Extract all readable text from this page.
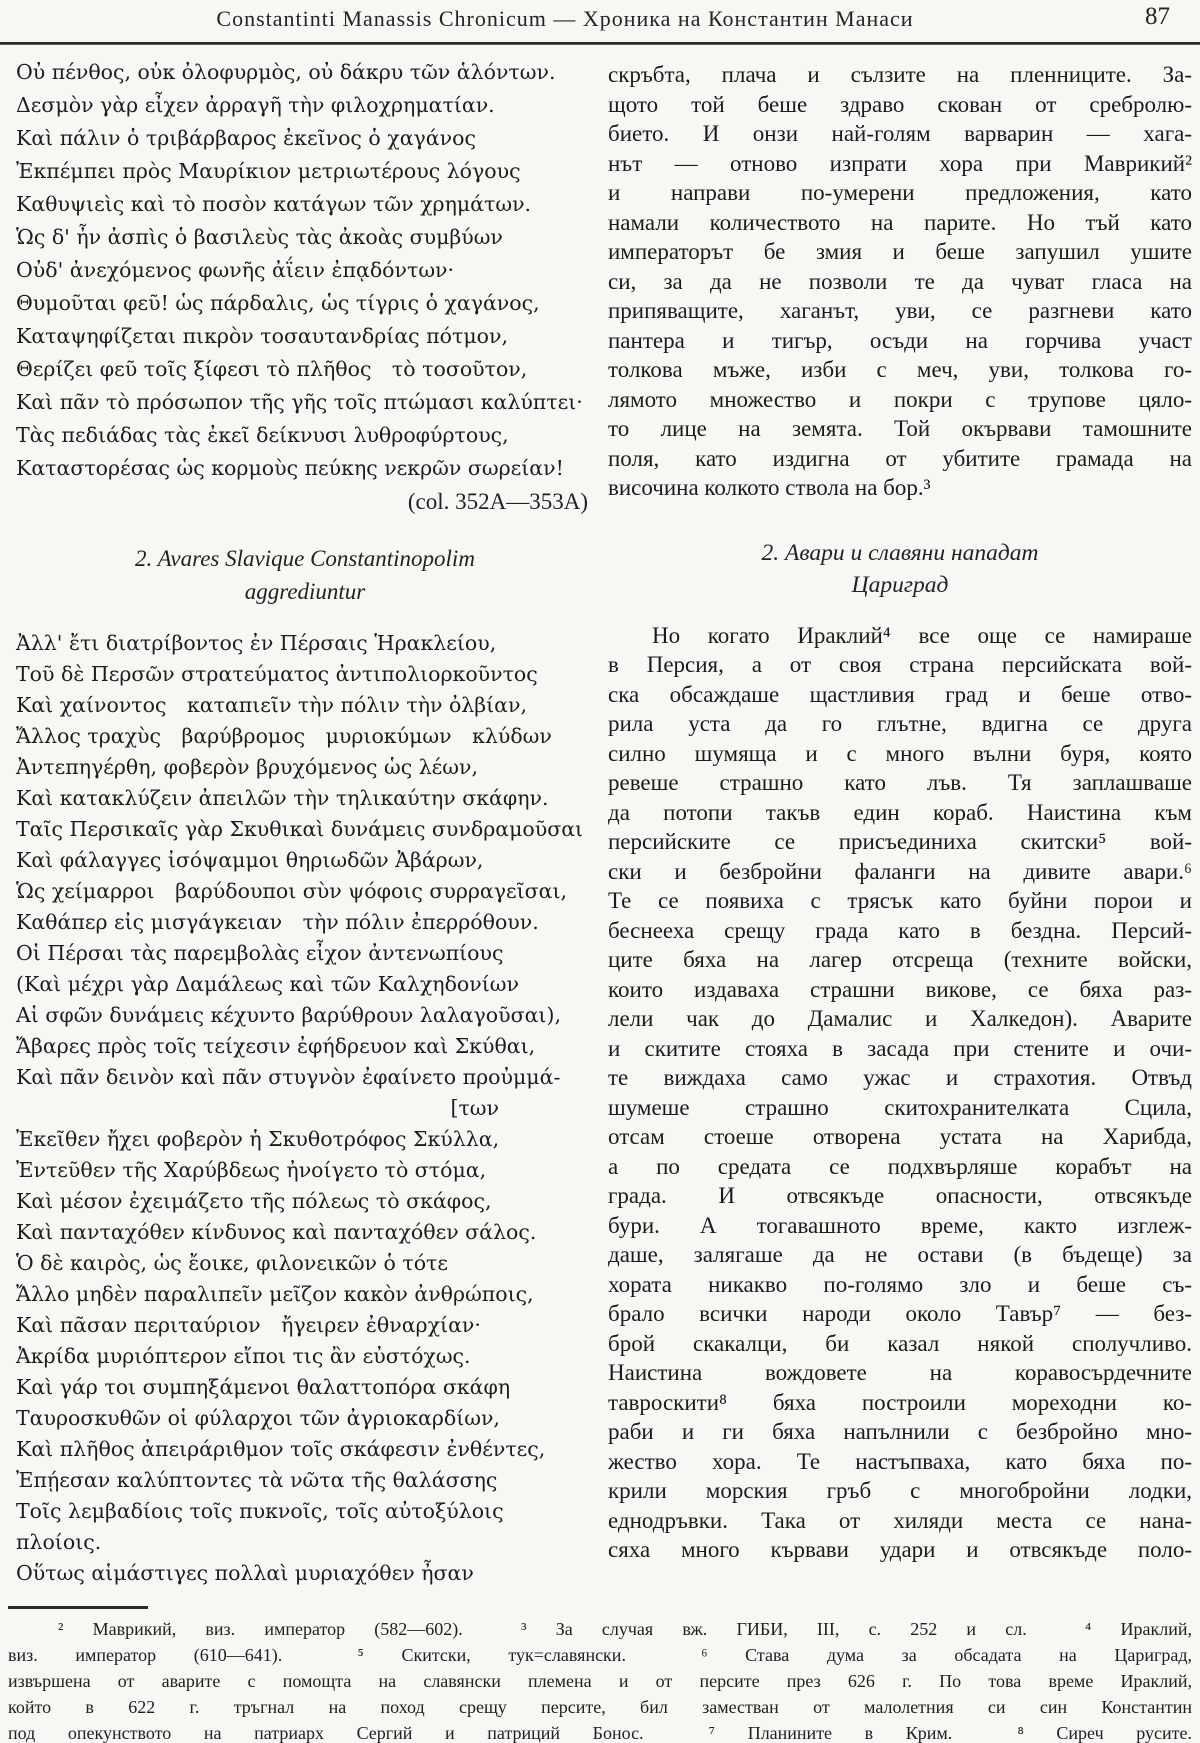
Constantinti Manassis Chronicum — Хроника на Константин Манаси	87
Οὐ πένθος, οὐκ ὀλοφυρμὸς, οὐ δάκρυ τῶν ἁλόντων.
Δεσμὸν γὰρ εἶχεν ἀρραγῆ τὴν φιλοχρηματίαν.
Καὶ πάλιν ὁ τριβάρβαρος ἐκεῖνος ὁ χαγάνος
Ἐκπέμπει πρὸς Μαυρίκιον μετριωτέρους λόγους
Καθυψιεὶς καὶ τὸ ποσὸν κατάγων τῶν χρημάτων.
Ὡς δ' ἦν ἀσπὶς ὁ βασιλεὺς τὰς ἀκοὰς συμβύων
Οὐδ' ἀνεχόμενος φωνῆς ἀΐειν ἐπᾳδόντων·
Θυμοῦται φεῦ! ὡς πάρδαλις, ὡς τίγρις ὁ χαγάνος,
Καταψηφίζεται πικρὸν τοσαυτανδρίας πότμον,
Θερίζει φεῦ τοῖς ξίφεσι τὸ πλῆθος τὸ τοσοῦτον,
Καὶ πᾶν τὸ πρόσωπον τῆς γῆς τοῖς πτώμασι καλύπτει·
Τὰς πεδιάδας τὰς ἐκεῖ δείκνυσι λυθροφύρτους,
Καταστορέσας ὡς κορμοὺς πεύκης νεκρῶν σωρείαν!
(col. 352A—353A)
2. Avares Slavique Constantinopolim
aggrediuntur
Ἀλλ' ἔτι διατρίβοντος ἐν Πέρσαις Ἡρακλείου,
Τοῦ δὲ Περσῶν στρατεύματος ἀντιπολιορκοῦντος
Καὶ χαίνοντος καταπιεῖν τὴν πόλιν τὴν ὀλβίαν,
Ἄλλος τραχὺς βαρύβρομος μυριοκύμων κλύδων
Ἀντεπηγέρθη, φοβερὸν βρυχόμενος ὡς λέων,
Καὶ κατακλύζειν ἀπειλῶν τὴν τηλικαύτην σκάφην.
Ταῖς Περσικαῖς γὰρ Σκυθικαὶ δυνάμεις συνδραμοῦσαι
Καὶ φάλαγγες ἰσόψαμμοι θηριωδῶν Ἀβάρων,
Ὡς χείμαρροι βαρύδουποι σὺν ψόφοις συρραγεῖσαι,
Καθάπερ εἰς μισγάγκειαν τὴν πόλιν ἐπερρόθουν.
Οἱ Πέρσαι τὰς παρεμβολὰς εἶχον ἀντενωπίους
(Καὶ μέχρι γὰρ Δαμάλεως καὶ τῶν Καλχηδονίων
Αἱ σφῶν δυνάμεις κέχυντο βαρύθρουν λαλαγοῦσαι),
Ἄβαρες πρὸς τοῖς τείχεσιν ἐφήδρευον καὶ Σκύθαι,
Καὶ πᾶν δεινὸν καὶ πᾶν στυγνὸν ἐφαίνετο προὐμμά-
[των
Ἐκεῖθεν ἤχει φοβερὸν ἡ Σκυθοτρόφος Σκύλλα,
Ἐντεῦθεν τῆς Χαρύβδεως ἠνοίγετο τὸ στόμα,
Καὶ μέσον ἐχειμάζετο τῆς πόλεως τὸ σκάφος,
Καὶ πανταχόθεν κίνδυνος καὶ πανταχόθεν σάλος.
Ὁ δὲ καιρὸς, ὡς ἔοικε, φιλονεικῶν ὁ τότε
Ἄλλο μηδὲν παραλιπεῖν μεῖζον κακὸν ἀνθρώποις,
Καὶ πᾶσαν περιταύριον ἤγειρεν ἐθναρχίαν·
Ἀκρίδα μυριόπτερον εἴποι τις ἂν εὐστόχως.
Καὶ γάρ τοι συμπηξάμενοι θαλαττοπόρα σκάφη
Ταυροσκυθῶν οἱ φύλαρχοι τῶν ἀγριοκαρδίων,
Καὶ πλῆθος ἀπειράριθμον τοῖς σκάφεσιν ἐνθέντες,
Ἐπῄεσαν καλύπτοντες τὰ νῶτα τῆς θαλάσσης
Τοῖς λεμβαδίοις τοῖς πυκνοῖς, τοῖς αὐτοξύλοις πλοίοις.
Οὕτως αἱμάστιγες πολλαὶ μυριαχόθεν ἦσαν
скръбта, плача и сълзите на пленниците. За-
щото той беше здраво скован от сребролю-
бието. И онзи най-голям варварин — хага-
нът — отново изпрати хора при Маврикий²
и направи по-умерени предложения, като
намали количеството на парите. Но тъй като
императорът бе змия и беше запушил ушите
си, за да не позволи те да чуват гласа на
припяващите, хаганът, уви, се разгневи като
пантера и тигър, осъди на горчива участ
толкова мъже, изби с меч, уви, толкова го-
лямото множество и покри с трупове цяло-
то лице на земята. Той окървави тамошните
поля, като издигна от убитите грамада на
височина колкото ствола на бор.³
2. Авари и славяни нападат
Цариград
Но когато Ираклий⁴ все още се намираше
в Персия, а от своя страна персийската вой-
ска обсаждаше щастливия град и беше отво-
рила уста да го глътне, вдигна се друга
силно шумяща и с много вълни буря, която
ревеше страшно като лъв. Тя заплашваше
да потопи такъв един кораб. Наистина към
персийските се присъединиха скитски⁵ вой-
ски и безбройни фаланги на дивите авари.⁶
Те се появиха с трясък като буйни порои и
беснееха срещу града като в бездна. Персий-
ците бяха на лагер отсреща (техните войски,
които издаваха страшни викове, се бяха раз-
лели чак до Дамалис и Халкедон). Аварите
и скитите стояха в засада при стените и очи-
те виждаха само ужас и страхотия. Отвъд
шумеше страшно скитохранителката Сцила,
отсам стоеше отворена устата на Харибда,
а по средата се подхвърляше корабът на
града. И отвсякъде опасности, отвсякъде
бури. А тогавашното време, както изглеж-
даше, залягаше да не остави (в бъдеще) за
хората никакво по-голямо зло и беше съ-
брало всички народи около Тавър⁷ — без-
брой скакалци, би казал някой сполучливо.
Наистина вождовете на коравосърдечните
тавроскити⁸ бяха построили мореходни ко-
раби и ги бяха напълнили с безбройно мно-
жество хора. Те настъпваха, като бяха по-
крили морския гръб с многобройни лодки,
еднодръвки. Така от хиляди места се нана-
сяха много кървави удари и отвсякъде поло-
² Маврикий, виз. император (582—602).  ³ За случая вж. ГИБИ, III, с. 252 и сл.  ⁴ Ираклий,
виз. император (610—641).  ⁵ Скитски, тук=славянски.  ⁶ Става дума за обсадата на Цариград,
извършена от аварите с помощта на славянски племена и от персите през 626 г. По това време Ираклий,
който в 622 г. тръгнал на поход срещу персите, бил заместван от малолетния си син Константин
под опекунството на патриарх Сергий и патриций Бонос.  ⁷ Планините в Крим.  ⁸ Сиреч русите.
